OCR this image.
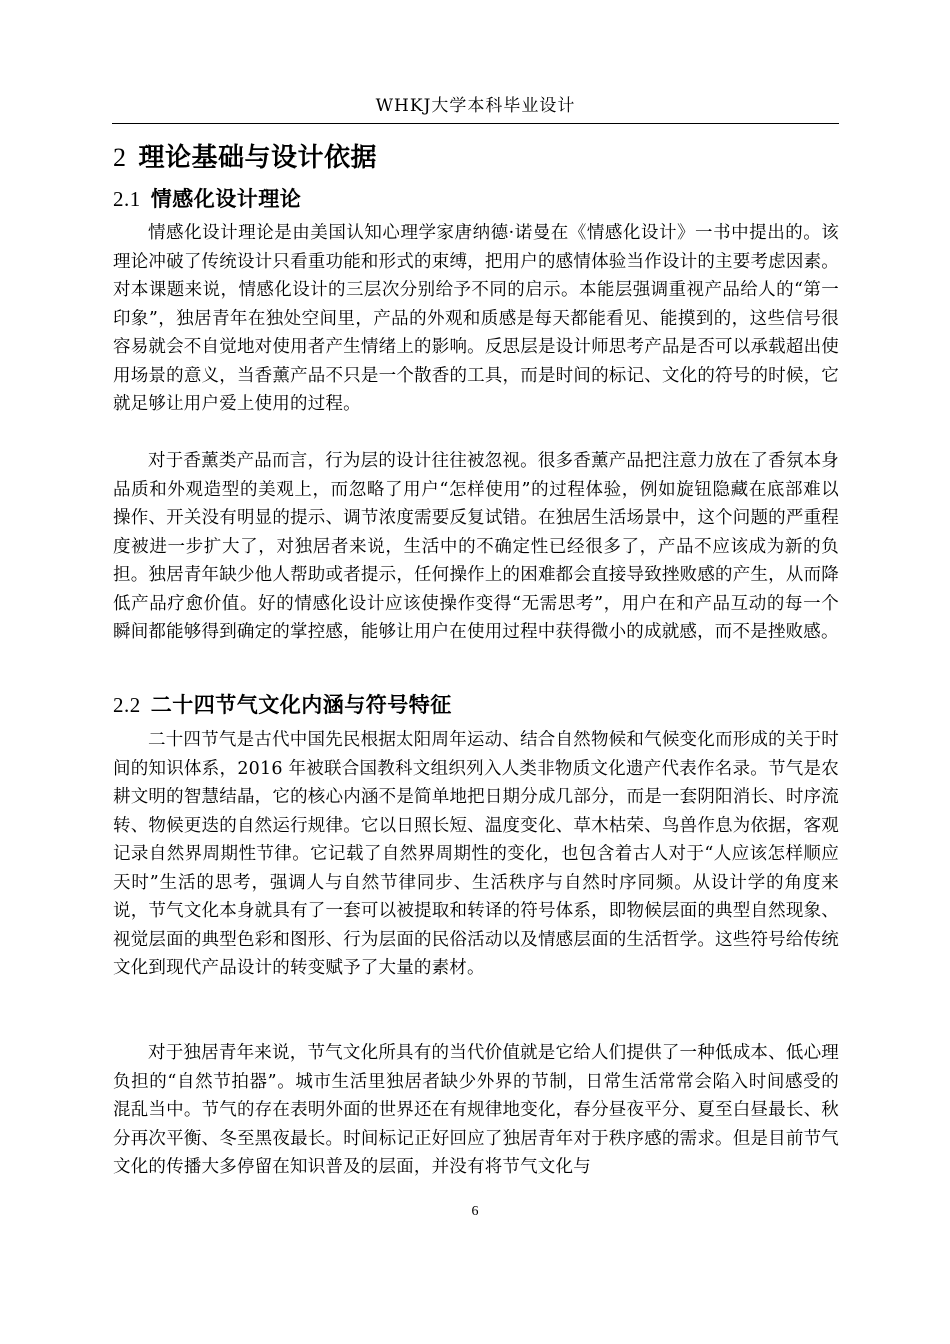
WHKJ大学本科毕业设计
2 理论基础与设计依据
2.1 情感化设计理论

情感化设计理论是由美国认知心理学家唐纳德·诺曼在《情感化设计》一书中提出的。该理论冲破了传统设计只看重功能和形式的束缚，把用户的感情体验当作设计的主要考虑因素。对本课题来说，情感化设计的三层次分别给予不同的启示。本能层强调重视产品给人的“第一印象”，独居青年在独处空间里，产品的外观和质感是每天都能看见、能摸到的，这些信号很容易就会不自觉地对使用者产生情绪上的影响。反思层是设计师思考产品是否可以承载超出使用场景的意义，当香薰产品不只是一个散香的工具，而是时间的标记、文化的符号的时候，它就足够让用户爱上使用的过程。

对于香薰类产品而言，行为层的设计往往被忽视。很多香薰产品把注意力放在了香氛本身品质和外观造型的美观上，而忽略了用户“怎样使用”的过程体验，例如旋钮隐藏在底部难以操作、开关没有明显的提示、调节浓度需要反复试错。在独居生活场景中，这个问题的严重程度被进一步扩大了，对独居者来说，生活中的不确定性已经很多了，产品不应该成为新的负担。独居青年缺少他人帮助或者提示，任何操作上的困难都会直接导致挫败感的产生，从而降低产品疗愈价值。好的情感化设计应该使操作变得“无需思考”，用户在和产品互动的每一个瞬间都能够得到确定的掌控感，能够让用户在使用过程中获得微小的成就感，而不是挫败感。

2.2 二十四节气文化内涵与符号特征

二十四节气是古代中国先民根据太阳周年运动、结合自然物候和气候变化而形成的关于时间的知识体系，2016 年被联合国教科文组织列入人类非物质文化遗产代表作名录。节气是农耕文明的智慧结晶，它的核心内涵不是简单地把日期分成几部分，而是一套阴阳消长、时序流转、物候更迭的自然运行规律。它以日照长短、温度变化、草木枯荣、鸟兽作息为依据，客观记录自然界周期性节律。它记载了自然界周期性的变化，也包含着古人对于“人应该怎样顺应天时”生活的思考，强调人与自然节律同步、生活秩序与自然时序同频。从设计学的角度来说，节气文化本身就具有了一套可以被提取和转译的符号体系，即物候层面的典型自然现象、视觉层面的典型色彩和图形、行为层面的民俗活动以及情感层面的生活哲学。这些符号给传统文化到现代产品设计的转变赋予了大量的素材。

对于独居青年来说，节气文化所具有的当代价值就是它给人们提供了一种低成本、低心理负担的“自然节拍器”。城市生活里独居者缺少外界的节制，日常生活常常会陷入时间感受的混乱当中。节气的存在表明外面的世界还在有规律地变化，春分昼夜平分、夏至白昼最长、秋分再次平衡、冬至黑夜最长。时间标记正好回应了独居青年对于秩序感的需求。但是目前节气文化的传播大多停留在知识普及的层面，并没有将节气文化与

6
